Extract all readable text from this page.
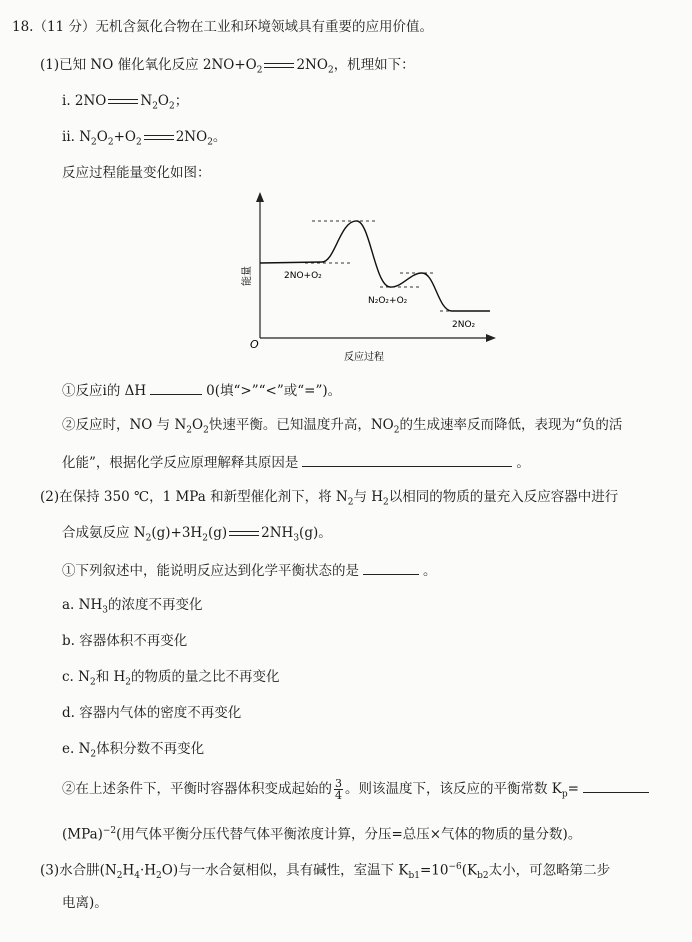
18.（11 分）无机含氮化合物在工业和环境领域具有重要的应用价值。
(1)已知 NO 催化氧化反应 $2NO+O_2$	$2NO_2$，机理如下：
ⅰ. 2NO	$N_2O_2$；
ⅱ. $N_2O_2+O_2$	$2NO_2$。
反应过程能量变化如图：
O
能量
反应过程
2NO+O₂
N₂O₂+O₂
2NO₂
①反应ⅰ的 ΔH	0(填“>”“<”或“=”)。
②反应时，NO 与 $N_2O_2$快速平衡。已知温度升高，$NO_2$的生成速率反而降低，表现为“负的活
化能”，根据化学反应原理解释其原因是	。
(2)在保持 350 ℃，1 MPa 和新型催化剂下，将 $N_2$与 $H_2$以相同的物质的量充入反应容器中进行
合成氨反应 $N_2(g)+3H_2(g)$	$2NH_3(g)$。
①下列叙述中，能说明反应达到化学平衡状态的是	。
a. $NH_3$的浓度不再变化
b. 容器体积不再变化
c. $N_2$和 $H_2$的物质的量之比不再变化
d. 容器内气体的密度不再变化
e. $N_2$体积分数不再变化
②在上述条件下，平衡时容器体积变成起始的 $\frac{3}{4}$ 。则该温度下，该反应的平衡常数 $K_p=$
(MPa)$^{-2}$(用气体平衡分压代替气体平衡浓度计算，分压=总压×气体的物质的量分数)。
(3)水合肼$(N_2H_4\cdot H_2O)$与一水合氨相似，具有碱性，室温下 $K_{b1}=10^{-6}(K_{b2}$太小，可忽略第二步
电离)。
